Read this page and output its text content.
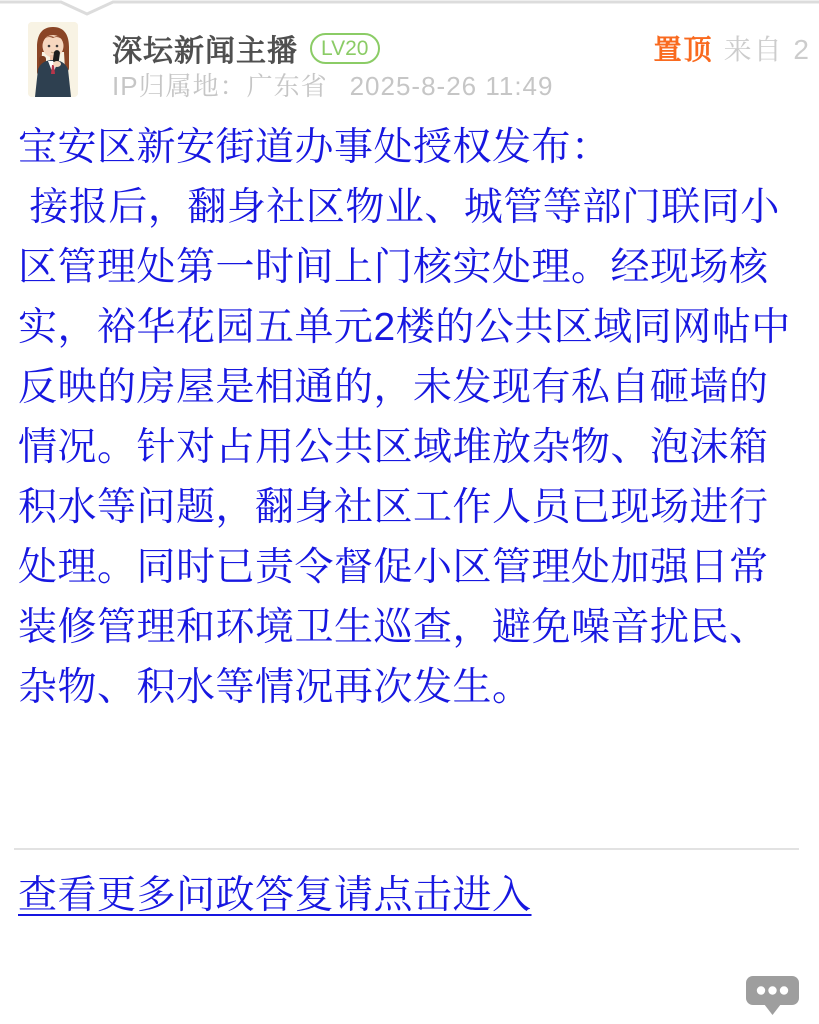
深坛新闻主播	LV20
IP归属地：广东省 2025-8-26 11:49
置顶 来自 2
宝安区新安街道办事处授权发布：
接报后，翻身社区物业、城管等部门联同小
区管理处第一时间上门核实处理。经现场核
实，裕华花园五单元2楼的公共区域同网帖中
反映的房屋是相通的，未发现有私自砸墙的
情况。针对占用公共区域堆放杂物、泡沫箱
积水等问题，翻身社区工作人员已现场进行
处理。同时已责令督促小区管理处加强日常
装修管理和环境卫生巡查，避免噪音扰民、
杂物、积水等情况再次发生。
查看更多问政答复请点击进入
